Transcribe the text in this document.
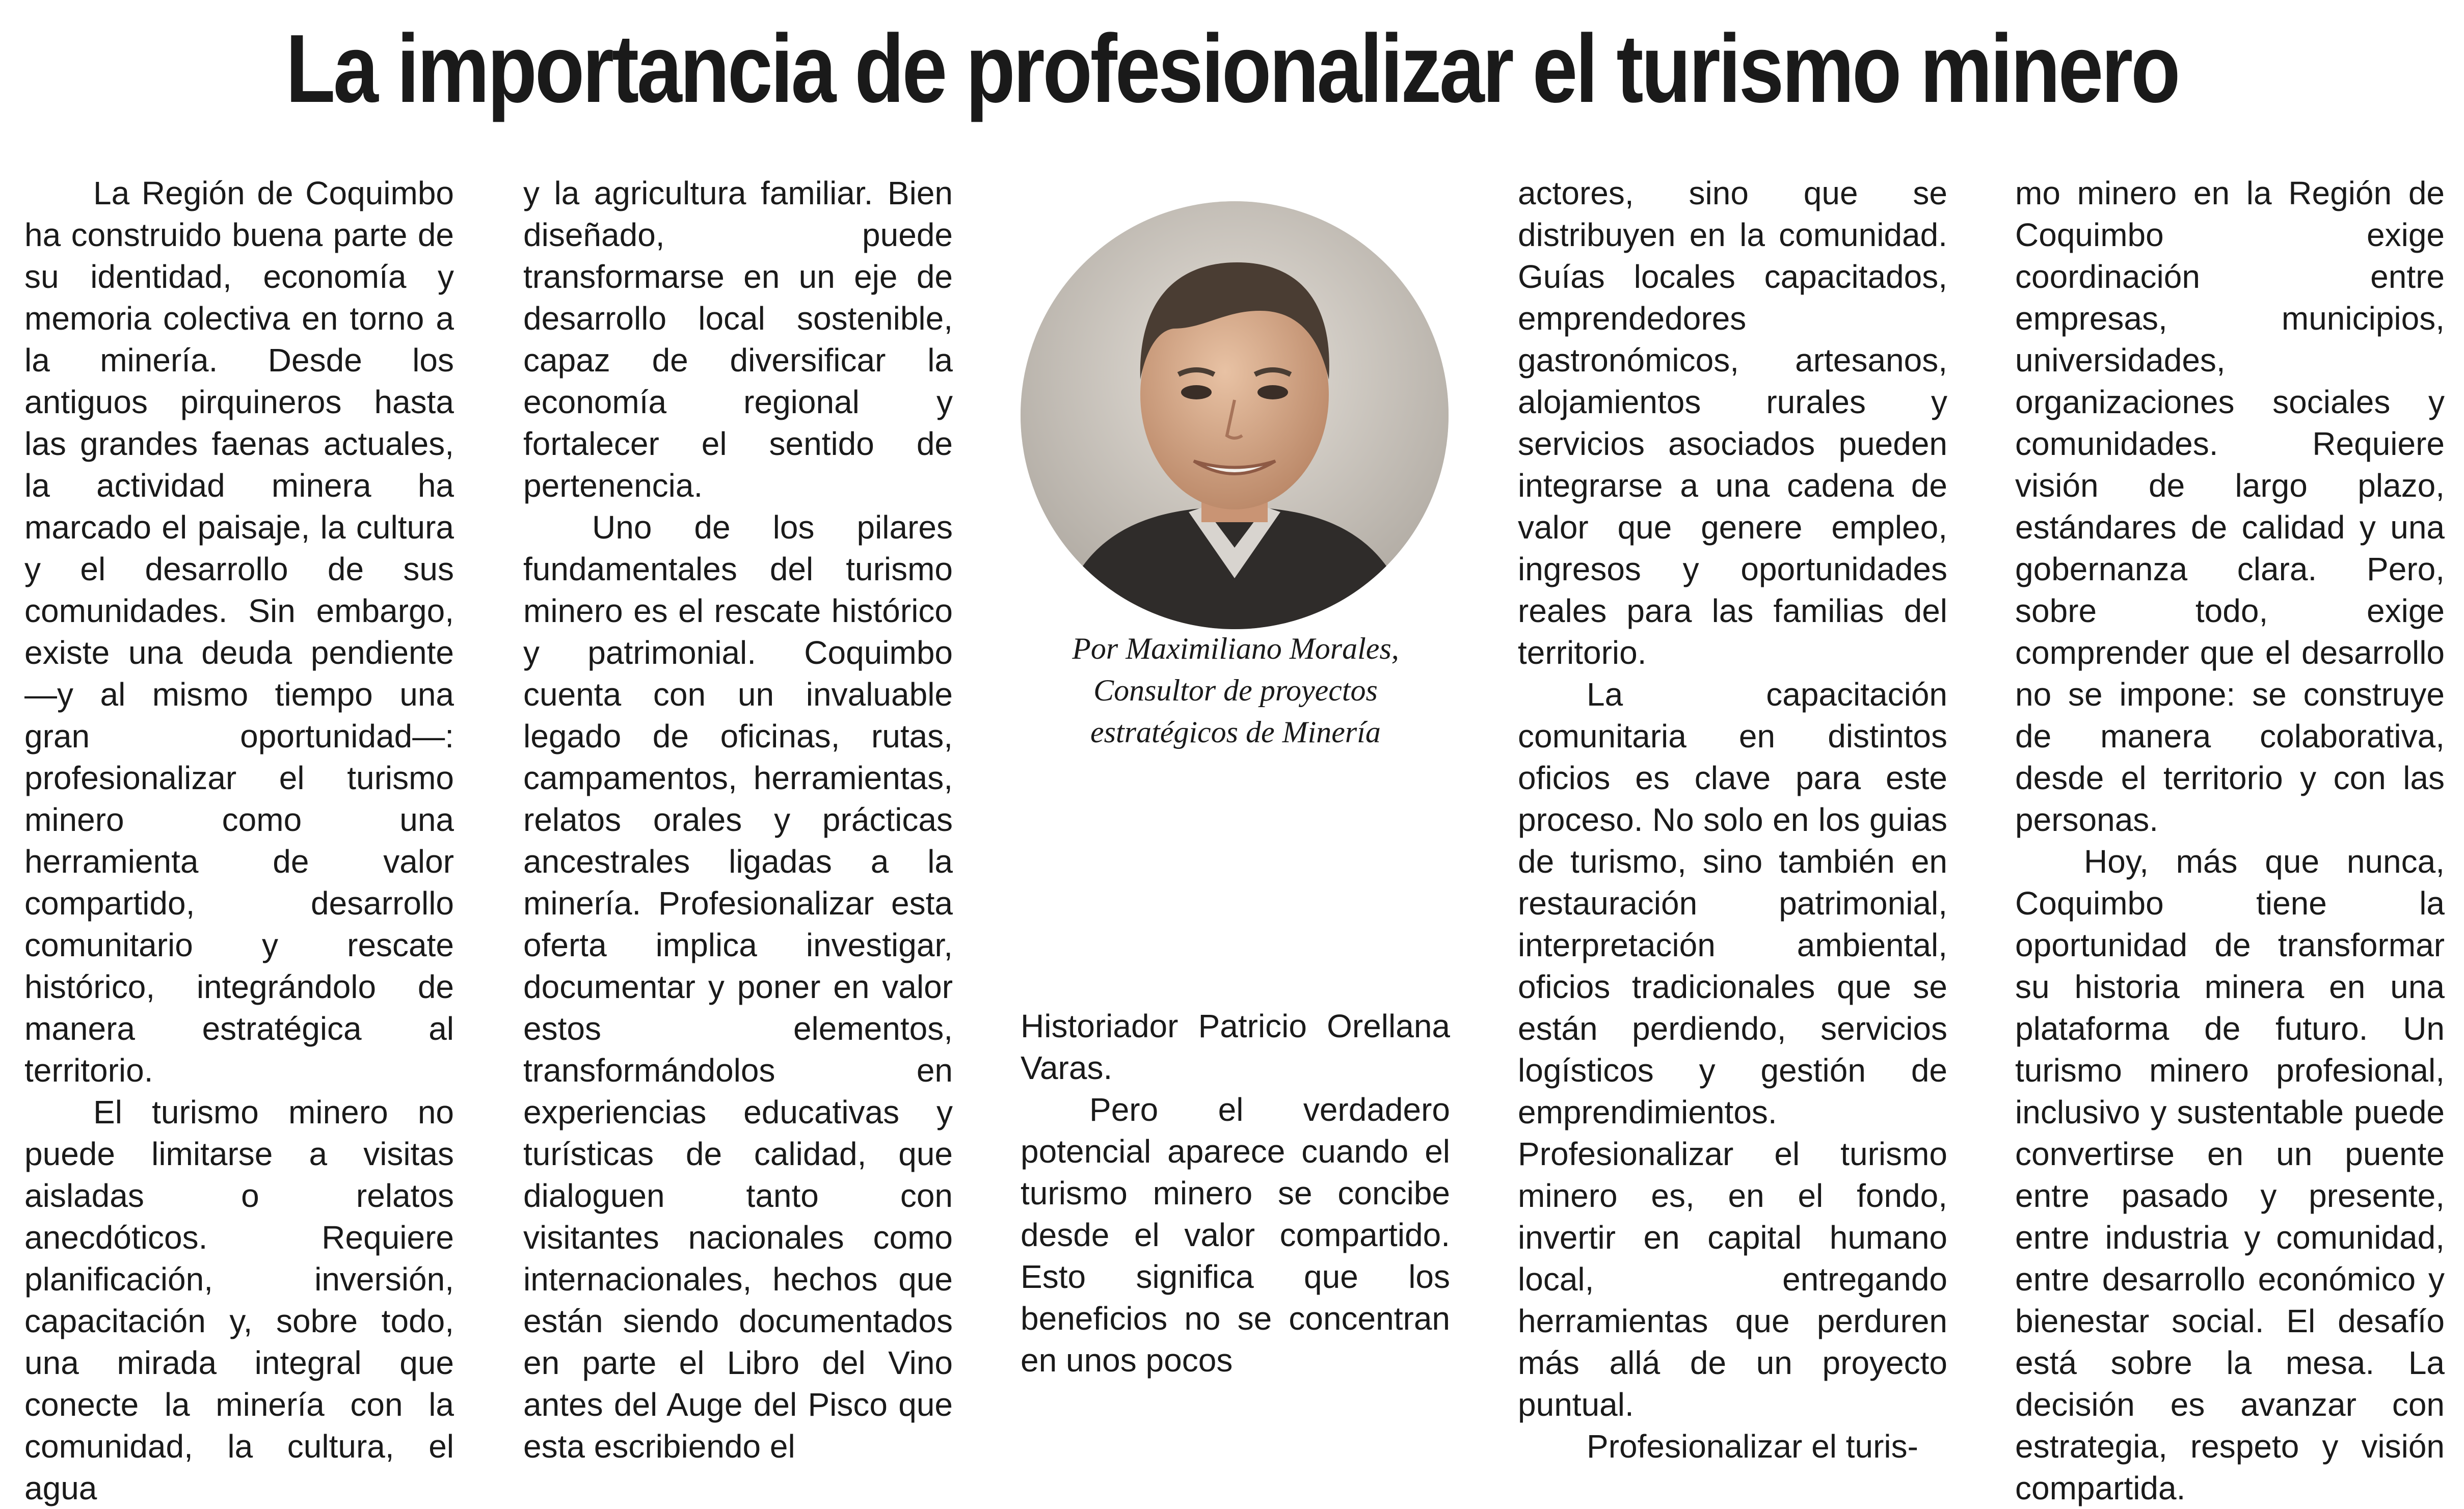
La importancia de profesionalizar el turismo minero

La Región de Coquimbo ha construido buena parte de su identidad, economía y memoria colectiva en torno a la minería. Desde los antiguos pirquineros hasta las grandes faenas actuales, la actividad minera ha marcado el paisaje, la cultura y el desarrollo de sus comunidades. Sin embargo, existe una deuda pendiente —y al mismo tiempo una gran oportunidad—: profesionalizar el turismo minero como una herramienta de valor compartido, desarrollo comunitario y rescate histórico, integrándolo de manera estratégica al territorio.

El turismo minero no puede limitarse a visitas aisladas o relatos anecdóticos. Requiere planificación, inversión, capacitación y, sobre todo, una mirada integral que conecte la minería con la comunidad, la cultura, el agua

y la agricultura familiar. Bien diseñado, puede transformarse en un eje de desarrollo local sostenible, capaz de diversificar la economía regional y fortalecer el sentido de pertenencia.

Uno de los pilares fundamentales del turismo minero es el rescate histórico y patrimonial. Coquimbo cuenta con un invaluable legado de oficinas, rutas, campamentos, herramientas, relatos orales y prácticas ancestrales ligadas a la minería. Profesionalizar esta oferta implica investigar, documentar y poner en valor estos elementos, transformándolos en experiencias educativas y turísticas de calidad, que dialoguen tanto con visitantes nacionales como internacionales, hechos que están siendo documentados en parte el Libro del Vino antes del Auge del Pisco que esta escribiendo el

Por Maximiliano Morales,
Consultor de proyectos
estratégicos de Minería

Historiador Patricio Orellana Varas.

Pero el verdadero potencial aparece cuando el turismo minero se concibe desde el valor compartido. Esto significa que los beneficios no se concentran en unos pocos

actores, sino que se distribuyen en la comunidad. Guías locales capacitados, emprendedores gastronómicos, artesanos, alojamientos rurales y servicios asociados pueden integrarse a una cadena de valor que genere empleo, ingresos y oportunidades reales para las familias del territorio.

La capacitación comunitaria en distintos oficios es clave para este proceso. No solo en los guias de turismo, sino también en restauración patrimonial, interpretación ambiental, oficios tradicionales que se están perdiendo, servicios logísticos y gestión de emprendimientos. Profesionalizar el turismo minero es, en el fondo, invertir en capital humano local, entregando herramientas que perduren más allá de un proyecto puntual.

Profesionalizar el turis-

mo minero en la Región de Coquimbo exige coordinación entre empresas, municipios, universidades, organizaciones sociales y comunidades. Requiere visión de largo plazo, estándares de calidad y una gobernanza clara. Pero, sobre todo, exige comprender que el desarrollo no se impone: se construye de manera colaborativa, desde el territorio y con las personas.

Hoy, más que nunca, Coquimbo tiene la oportunidad de transformar su historia minera en una plataforma de futuro. Un turismo minero profesional, inclusivo y sustentable puede convertirse en un puente entre pasado y presente, entre industria y comunidad, entre desarrollo económico y bienestar social. El desafío está sobre la mesa. La decisión es avanzar con estrategia, respeto y visión compartida.
